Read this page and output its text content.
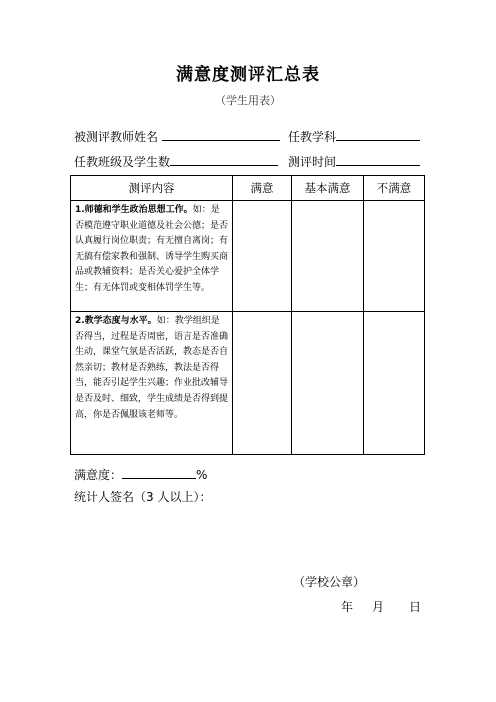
满意度测评汇总表
（学生用表）
被测评教师姓名	任教学科
任教班级及学生数	测评时间
测评内容	满意	基本满意	不满意
1.师德和学生政治思想工作。如：是否模范遵守职业道德及社会公德；是否认真履行岗位职责；有无擅自离岗；有无搞有偿家教和强制、诱导学生购买商品或教辅资料；是否关心爱护全体学生；有无体罚或变相体罚学生等。			
2.教学态度与水平。如：教学组织是否得当，过程是否周密，语言是否准确生动，课堂气氛是否活跃，教态是否自然亲切；教材是否熟练，教法是否得当，能否引起学生兴趣；作业批改辅导是否及时、细致，学生成绩是否得到提高，你是否佩服该老师等。			
满意度：	%
统计人签名（3 人以上）：
（学校公章）
年 月 日
